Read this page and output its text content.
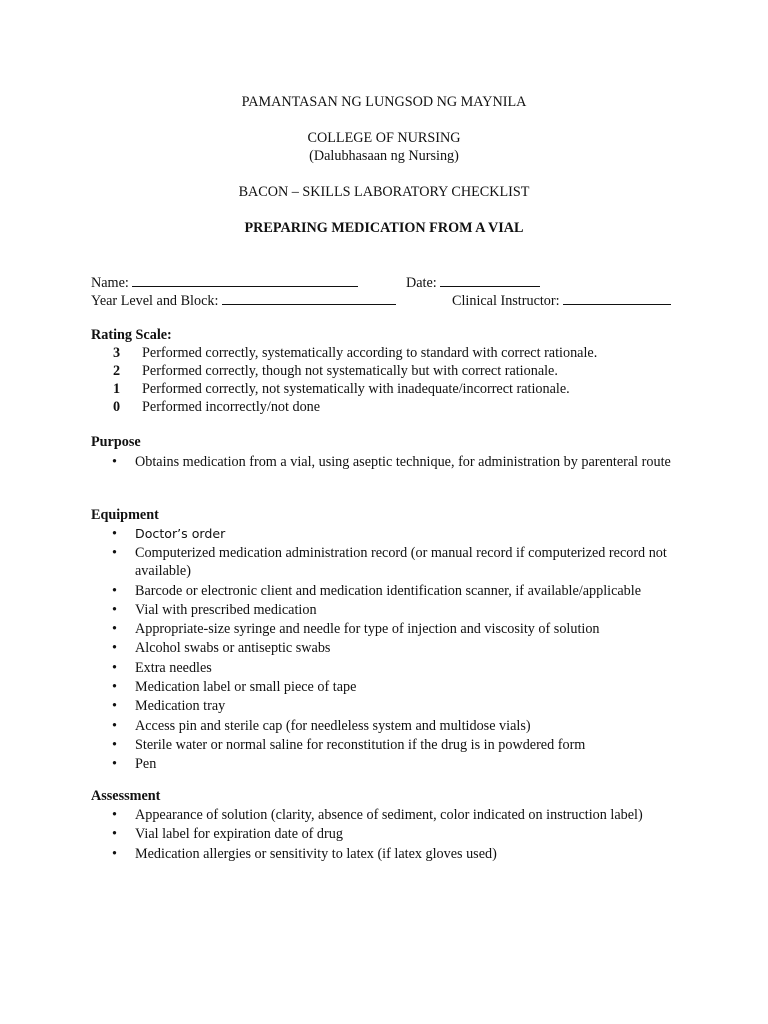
PAMANTASAN NG LUNGSOD NG MAYNILA
COLLEGE OF NURSING
(Dalubhasaan ng Nursing)
BACON – SKILLS LABORATORY CHECKLIST
PREPARING MEDICATION FROM A VIAL
Name:	Date:
Year Level and Block:	Clinical Instructor:
Rating Scale:
3 Performed correctly, systematically according to standard with correct rationale.
2 Performed correctly, though not systematically but with correct rationale.
1 Performed correctly, not systematically with inadequate/incorrect rationale.
0 Performed incorrectly/not done
Purpose
• Obtains medication from a vial, using aseptic technique, for administration by parenteral route
Equipment
• Doctor’s order
• Computerized medication administration record (or manual record if computerized record not available)
• Barcode or electronic client and medication identification scanner, if available/applicable
• Vial with prescribed medication
• Appropriate-size syringe and needle for type of injection and viscosity of solution
• Alcohol swabs or antiseptic swabs
• Extra needles
• Medication label or small piece of tape
• Medication tray
• Access pin and sterile cap (for needleless system and multidose vials)
• Sterile water or normal saline for reconstitution if the drug is in powdered form
• Pen
Assessment
• Appearance of solution (clarity, absence of sediment, color indicated on instruction label)
• Vial label for expiration date of drug
• Medication allergies or sensitivity to latex (if latex gloves used)
